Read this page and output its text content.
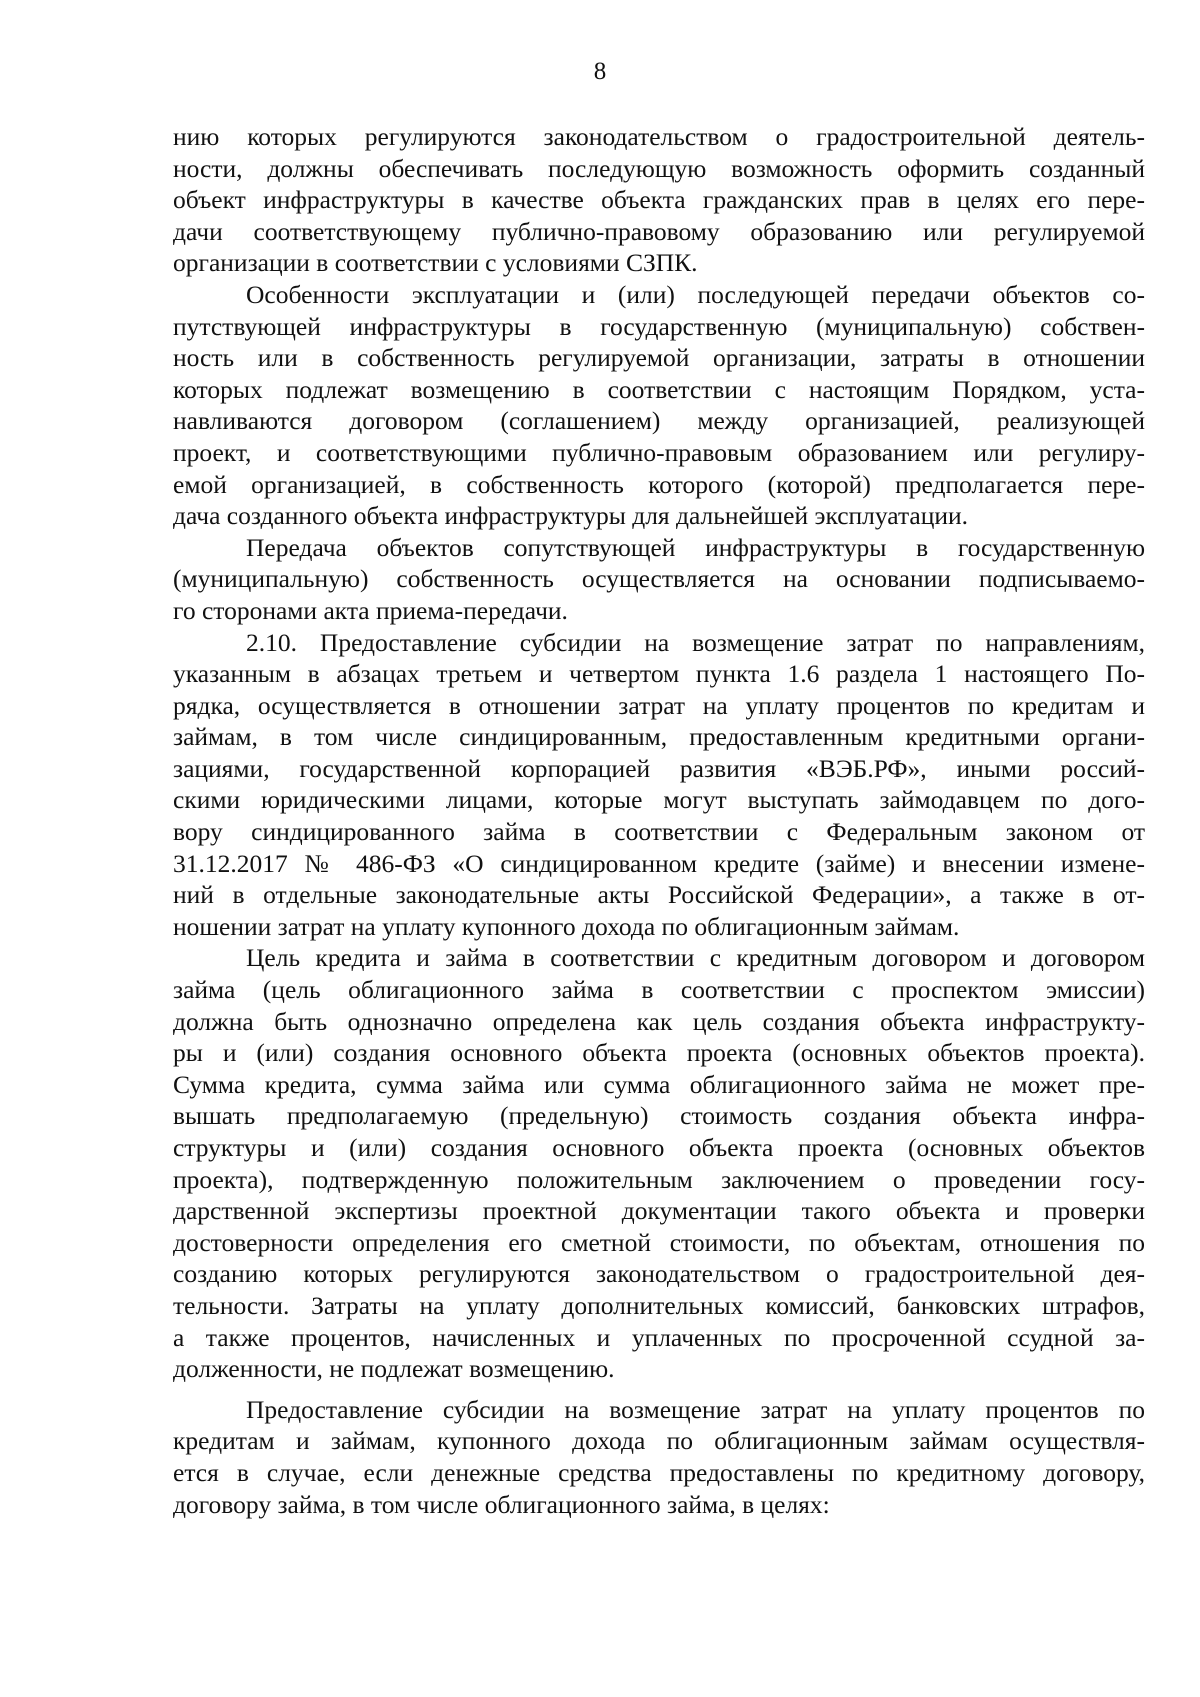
8
нию которых регулируются законодательством о градостроительной деятель-
ности, должны обеспечивать последующую возможность оформить созданный
объект инфраструктуры в качестве объекта гражданских прав в целях его пере-
дачи соответствующему публично-правовому образованию или регулируемой
организации в соответствии с условиями СЗПК.
Особенности эксплуатации и (или) последующей передачи объектов со-
путствующей инфраструктуры в государственную (муниципальную) собствен-
ность или в собственность регулируемой организации, затраты в отношении
которых подлежат возмещению в соответствии с настоящим Порядком, уста-
навливаются договором (соглашением) между организацией, реализующей
проект, и соответствующими публично-правовым образованием или регулиру-
емой организацией, в собственность которого (которой) предполагается пере-
дача созданного объекта инфраструктуры для дальнейшей эксплуатации.
Передача объектов сопутствующей инфраструктуры в государственную
(муниципальную) собственность осуществляется на основании подписываемо-
го сторонами акта приема-передачи.
2.10. Предоставление субсидии на возмещение затрат по направлениям,
указанным в абзацах третьем и четвертом пункта 1.6 раздела 1 настоящего По-
рядка, осуществляется в отношении затрат на уплату процентов по кредитам и
займам, в том числе синдицированным, предоставленным кредитными органи-
зациями, государственной корпорацией развития «ВЭБ.РФ», иными россий-
скими юридическими лицами, которые могут выступать займодавцем по дого-
вору синдицированного займа в соответствии с Федеральным законом от
31.12.2017 № 486-ФЗ «О синдицированном кредите (займе) и внесении измене-
ний в отдельные законодательные акты Российской Федерации», а также в от-
ношении затрат на уплату купонного дохода по облигационным займам.
Цель кредита и займа в соответствии с кредитным договором и договором
займа (цель облигационного займа в соответствии с проспектом эмиссии)
должна быть однозначно определена как цель создания объекта инфраструкту-
ры и (или) создания основного объекта проекта (основных объектов проекта).
Сумма кредита, сумма займа или сумма облигационного займа не может пре-
вышать предполагаемую (предельную) стоимость создания объекта инфра-
структуры и (или) создания основного объекта проекта (основных объектов
проекта), подтвержденную положительным заключением о проведении госу-
дарственной экспертизы проектной документации такого объекта и проверки
достоверности определения его сметной стоимости, по объектам, отношения по
созданию которых регулируются законодательством о градостроительной дея-
тельности. Затраты на уплату дополнительных комиссий, банковских штрафов,
а также процентов, начисленных и уплаченных по просроченной ссудной за-
долженности, не подлежат возмещению.
Предоставление субсидии на возмещение затрат на уплату процентов по
кредитам и займам, купонного дохода по облигационным займам осуществля-
ется в случае, если денежные средства предоставлены по кредитному договору,
договору займа, в том числе облигационного займа, в целях:
